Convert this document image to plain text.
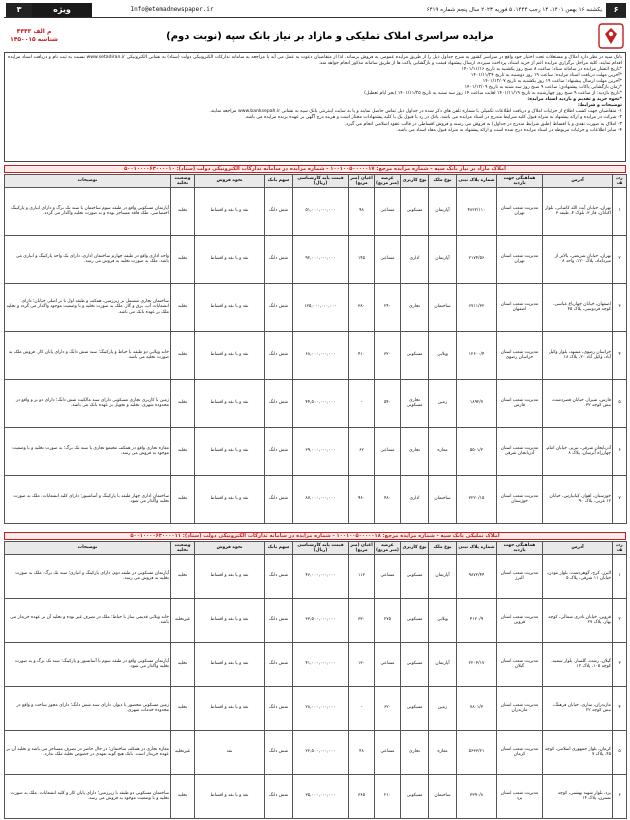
۶
یکشنبه ۱۶ بهمن ۱۴۰۱، ۱۴ رجب ۱۴۴۴، ۵ فوریه ۲۰۲۳ سال پنجم شماره ۶۴۱۹
Info@etemadnewspaper.ir
ویژه
۳
مزایده سراسری املاک تملیکی و مازاد بر نیاز بانک سپه (نوبت دوم)
م الف ۴۴۴۳
شناسه ۱۴۵۰۰۱۵

بانک سپه در نظر دارد املاک و مستغلات تحت اختیار خود واقع در سراسر کشور به شرح جداول ذیل را از طریق مزایده عمومی به فروش برساند. لذا از متقاضیان دعوت به عمل می آید با مراجعه به سامانه تدارکات الکترونیکی دولت (ستاد) به نشانی الکترونیکی www.setadiran.ir نسبت به ثبت نام و دریافت اسناد مزایده اقدام نمایند. کلیه مراحل برگزاری مزایده اعم از خرید اسناد، پرداخت سپرده، ارسال پیشنهاد قیمت و بازگشایی پاکت ها از طریق سامانه مذکور انجام خواهد شد.

*تاریخ انتشار مزایده در سامانه ستاد: ساعت ۸ صبح روز یکشنبه به تاریخ ۱۴۰۱/۱۱/۱۶

*آخرین مهلت دریافت اسناد مزایده: ساعت ۱۹ روز دوشنبه به تاریخ ۱۴۰۱/۱۱/۲۴

*آخرین مهلت ارسال پیشنهاد: ساعت ۱۹ روز یکشنبه به تاریخ ۱۴۰۱/۱۲/۰۷

*زمان بازگشایی پاکات پیشنهادی: ساعت ۹ صبح روز سه شنبه به تاریخ ۱۴۰۱/۱۲/۰۹

*تاریخ بازدید: از ساعت ۹ صبح روز چهارشنبه به تاریخ ۱۴۰۱/۱۱/۱۹ لغایت ساعت ۱۴ روز سه شنبه به تاریخ ۱۴۰۱/۱۱/۲۵ (بجز ایام تعطیل)

*نحوه خرید و تقدیم و بازدید اسناد مزایده:

توضیحات و شرایط:

۱- متقاضیان جهت کسب اطلاع از جزئیات املاک و دریافت اطلاعات تکمیلی با شماره تلفن های ذکر شده در جداول ذیل تماس حاصل نمایند و یا به سایت اینترنتی بانک سپه به نشانی www.banksepah.ir مراجعه نمایند.

۲- شرکت در مزایده و ارائه پیشنهاد به منزله قبول کلیه شرایط مندرج در اسناد مزایده می باشد. بانک در رد یا قبول یک یا کلیه پیشنهادات مختار است و هزینه درج آگهی بر عهده برنده مزایده می باشد.

۳- املاک به صورت نقدی و یا اقساط (طبق شرایط مندرج در جداول) به فروش می رسند و فروش اقساطی در قالب عقود اسلامی انجام می گیرد.

۴- سایر اطلاعات و جزئیات مربوطه در اسناد مزایده درج شده است و ارائه پیشنهاد به منزله قبول مفاد اسناد می باشد.

املاک مازاد بر نیاز بانک سپه - شماره مزایده مرجع: ۱۰۰۱۰۰۵۰۰۰۰۰۱۷ - شماره مزایده در سامانه تدارکات الکترونیکی دولت (ستاد): ۵۰۰۱۰۰۰۰۶۳۰۰۰۰۱۰
ردیف	آدرس	هماهنگی جهت بازدید	شماره پلاک ثبتی	نوع ملک	نوع کاربری	عرصه (متر مربع)	اعیان (متر مربع)	قیمت پایه کارشناسی (ریال)	سهم بانک	نحوه فروش	وضعیت تخلیه	توضیحات
۱	تهران، خیابان آیت الله کاشانی، بلوار اکباتان، فاز ۳، بلوک ۴، طبقه ۳	مدیریت شعب استان تهران	۴۸۲۲/۱۱۰	آپارتمان	مسکونی	مشاعی	۹۸	۵۱,۰۰۰,۰۰۰,۰۰۰	شش دانگ	نقد و یا نقد و اقساط	تخلیه	آپارتمان مسکونی واقع در طبقه سوم ساختمان با سند تک برگ و دارای انباری و پارکینگ اختصاصی. ملک فاقد مستاجر بوده و به صورت تخلیه واگذار می گردد.
۲	تهران، خیابان شریعتی، بالاتر از میرداماد، پلاک ۱۲۰، واحد ۸	مدیریت شعب استان تهران	۲۱۷۴/۵۶	آپارتمان	اداری	مشاعی	۱۴۵	۹۲,۰۰۰,۰۰۰,۰۰۰	شش دانگ	نقد و یا نقد و اقساط	تخلیه	واحد اداری واقع در طبقه چهارم ساختمان اداری، دارای یک واحد پارکینگ و انباری می باشد. ملک به صورت تخلیه به فروش می رسد.
۳	اصفهان، خیابان چهارباغ عباسی، کوچه فردوسی، پلاک ۴۵	مدیریت شعب استان اصفهان	۶۷۱۱/۳۲	ساختمان	تجاری	۲۴۰	۳۸۰	۱۲۵,۰۰۰,۰۰۰,۰۰۰	شش دانگ	نقد و یا نقد و اقساط	تخلیه	ساختمان تجاری مشتمل بر زیرزمین، همکف و طبقه اول با بر اصلی خیابان؛ دارای انشعابات آب، برق و گاز. ملک به صورت تخلیه و با وضعیت موجود واگذار می گردد و تخلیه ملک بر عهده بانک می باشد.
۴	خراسان رضوی، مشهد، بلوار وکیل آباد، وکیل آباد ۲۰، پلاک ۱۸	مدیریت شعب استان خراسان رضوی	۱۲۶۰۰/۴	ویلایی	مسکونی	۳۲۰	۴۱۰	۶۸,۰۰۰,۰۰۰,۰۰۰	شش دانگ	نقد و یا نقد و اقساط	تخلیه	خانه ویلایی دو طبقه با حیاط و پارکینگ؛ سند شش دانگ و دارای پایان کار. فروش ملک به صورت تخلیه می باشد.
۵	فارس، شیراز، خیابان قصردشت، نبش کوچه ۳۲	مدیریت شعب استان فارس	۱۸۹۲/۷	زمین	تجاری مسکونی	۵۴۰	-	۴۴,۵۰۰,۰۰۰,۰۰۰	شش دانگ	نقد و یا نقد و اقساط	تخلیه	زمین با کاربری تجاری مسکونی دارای سند مالکیت شش دانگ؛ دارای دو بر و واقع در محدوده شهری. تخلیه و تحویل بر عهده بانک می باشد.
۶	آذربایجان شرقی، تبریز، خیابان امام، چهارراه آبرسان، پلاک ۸	مدیریت شعب استان آذربایجان شرقی	۵۵۰۱/۲	مغازه	تجاری	مشاعی	۶۲	۳۹,۰۰۰,۰۰۰,۰۰۰	شش دانگ	نقد و یا نقد و اقساط	تخلیه	مغازه تجاری واقع در همکف مجتمع تجاری با سند تک برگ؛ به صورت تخلیه و با وضعیت موجود به فروش می رسد.
۷	خوزستان، اهواز، کیانپارس، خیابان ۱۲ غربی، پلاک ۹۰	مدیریت شعب استان خوزستان	۳۲۲۰/۱۵	ساختمان	اداری	۴۸۰	۹۶۰	۸۷,۰۰۰,۰۰۰,۰۰۰	شش دانگ	نقد و یا نقد و اقساط	تخلیه	ساختمان اداری چهار طبقه با پارکینگ و آسانسور؛ دارای کلیه انشعابات. ملک به صورت تخلیه واگذار می شود.
املاک تملیکی بانک سپه - شماره مزایده مرجع: ۱۰۰۱۰۰۵۰۰۰۰۰۱۸ - شماره مزایده در سامانه تدارکات الکترونیکی دولت (ستاد): ۵۰۰۱۰۰۰۰۶۳۰۰۰۰۱۱
ردیف	آدرس	هماهنگی جهت بازدید	شماره پلاک ثبتی	نوع ملک	نوع کاربری	عرصه (متر مربع)	اعیان (متر مربع)	قیمت پایه کارشناسی (ریال)	سهم بانک	نحوه فروش	وضعیت تخلیه	توضیحات
۱	البرز، کرج، گوهردشت، بلوار موذن، خیابان ۱۱ شرقی، پلاک ۵	مدیریت شعب استان البرز	۹۸۷۲/۴۴	آپارتمان	مسکونی	مشاعی	۱۱۲	۴۶,۰۰۰,۰۰۰,۰۰۰	شش دانگ	نقد و یا نقد و اقساط	تخلیه	آپارتمان مسکونی در طبقه دوم، دارای پارکینگ و انباری؛ سند تک برگ. ملک به صورت تخلیه به فروش می رسد.
۲	قزوین، خیابان نادری شمالی، کوچه بهار، پلاک ۲۷	مدیریت شعب استان قزوین	۴۱۲۰/۹	ویلایی	مسکونی	۲۷۵	۳۳۰	۳۳,۵۰۰,۰۰۰,۰۰۰	شش دانگ	نقد و یا نقد و اقساط	غیرتخلیه	خانه ویلایی قدیمی ساز با حیاط؛ ملک در تصرف غیر بوده و تخلیه آن بر عهده خریدار می باشد.
۳	گیلان، رشت، گلسار، بلوار سمیه، کوچه ۱۰۵، پلاک ۱۲	مدیریت شعب استان گیلان	۲۲۰۴/۱۷	آپارتمان	مسکونی	مشاعی	۱۳۰	۴۱,۰۰۰,۰۰۰,۰۰۰	شش دانگ	نقد و یا نقد و اقساط	تخلیه	آپارتمان مسکونی واقع در طبقه سوم با آسانسور و پارکینگ؛ سند تک برگ و به صورت تخلیه واگذار می شود.
۴	مازندران، ساری، خیابان فرهنگ، نبش کوچه ۲۲	مدیریت شعب استان مازندران	۷۸۰۱/۳	زمین	مسکونی	۶۲۰	-	۲۸,۰۰۰,۰۰۰,۰۰۰	شش دانگ	نقد و یا نقد و اقساط	تخلیه	زمین مسکونی محصور با دیوار، دارای سند شش دانگ؛ دارای مجوز ساخت و واقع در محدوده خدمات شهری.
۵	کرمان، بلوار جمهوری اسلامی، کوچه ۴۵، پلاک ۷	مدیریت شعب استان کرمان	۵۶۳۳/۲۱	مغازه	تجاری	مشاعی	۴۸	۲۲,۵۰۰,۰۰۰,۰۰۰	شش دانگ	نقد	غیرتخلیه	مغازه تجاری در همکف ساختمان؛ در حال حاضر در تصرف مستاجر می باشد و تخلیه آن بر عهده خریدار است. بانک هیچ گونه تعهدی در خصوص تخلیه ملک ندارد.
۶	یزد، بلوار شهید بهشتی، کوچه نسترن، پلاک ۱۴	مدیریت شعب استان یزد	۳۳۹۰/۸	ساختمان	مسکونی	۲۱۰	۳۶۵	۳۵,۰۰۰,۰۰۰,۰۰۰	شش دانگ	نقد و یا نقد و اقساط	تخلیه	ساختمان مسکونی دو طبقه با زیرزمین؛ دارای پایان کار و کلیه انشعابات. ملک به صورت تخلیه و با وضعیت موجود به فروش می رسد.
